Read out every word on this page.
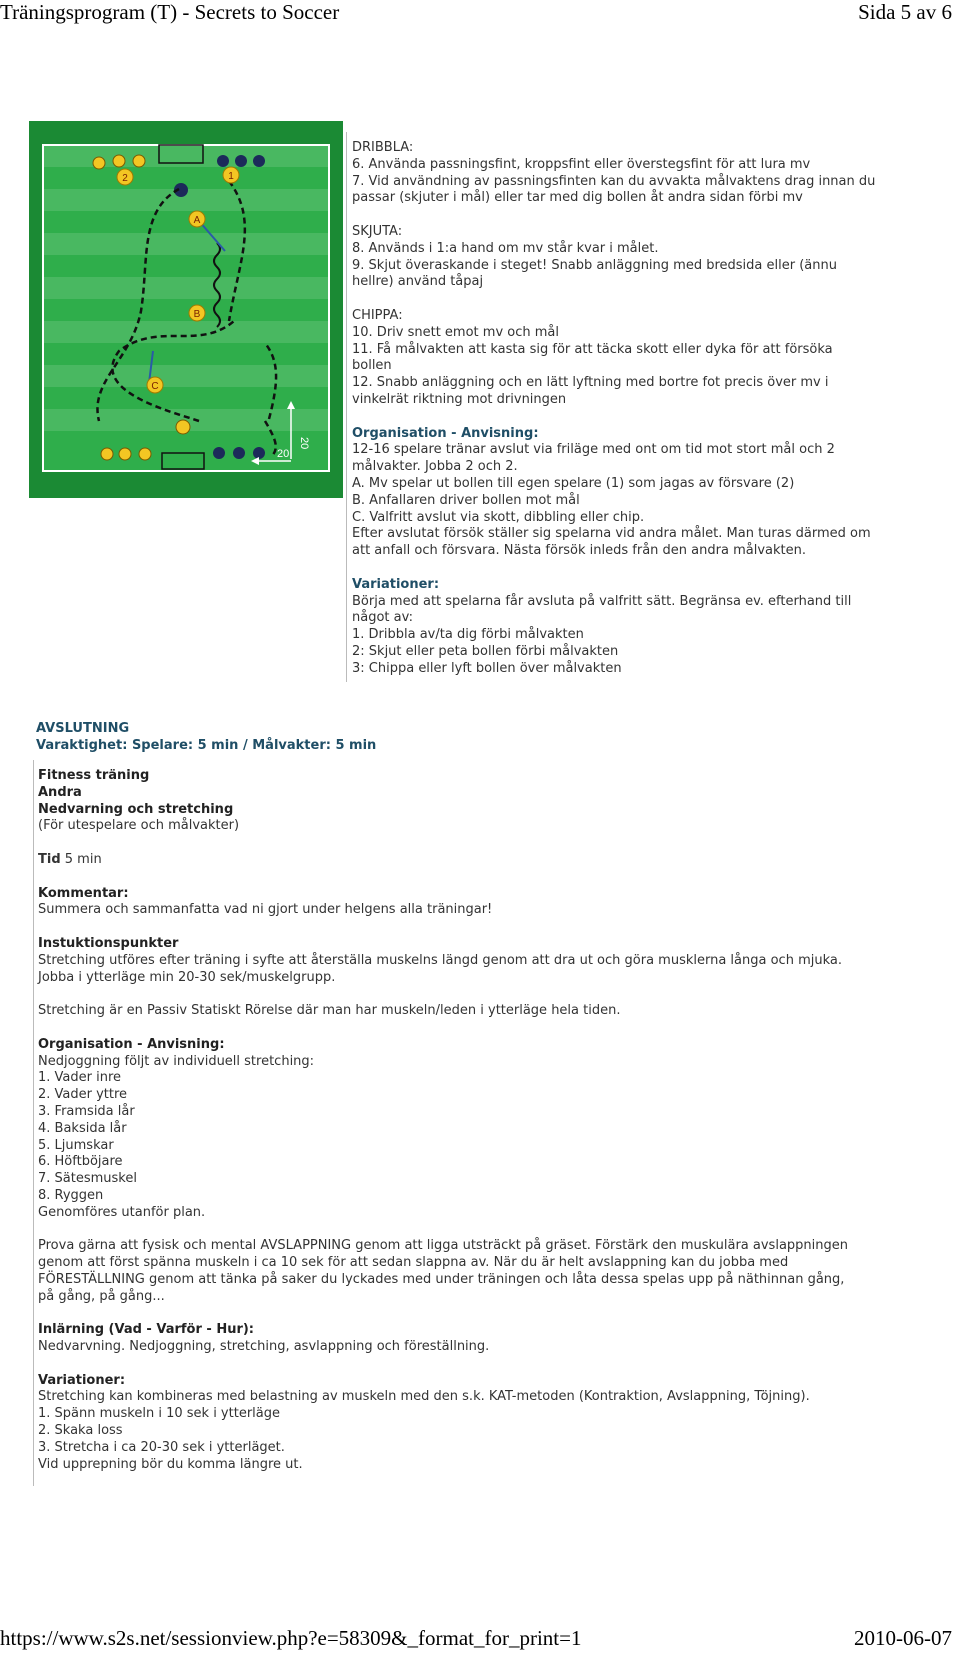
Träningsprogram (T) - Secrets to Soccer	Sida 5 av 6
1
2
A
B
C
20
20
DRIBBLA:
6. Använda passningsfint, kroppsfint eller överstegsfint för att lura mv
7. Vid användning av passningsfinten kan du avvakta målvaktens drag innan du
passar (skjuter i mål) eller tar med dig bollen åt andra sidan förbi mv
SKJUTA:
8. Används i 1:a hand om mv står kvar i målet.
9. Skjut överaskande i steget! Snabb anläggning med bredsida eller (ännu
hellre) använd tåpaj
CHIPPA:
10. Driv snett emot mv och mål
11. Få målvakten att kasta sig för att täcka skott eller dyka för att försöka
bollen
12. Snabb anläggning och en lätt lyftning med bortre fot precis över mv i
vinkelrät riktning mot drivningen
Organisation - Anvisning:
12-16 spelare tränar avslut via friläge med ont om tid mot stort mål och 2
målvakter. Jobba 2 och 2.
A. Mv spelar ut bollen till egen spelare (1) som jagas av försvare (2)
B. Anfallaren driver bollen mot mål
C. Valfritt avslut via skott, dibbling eller chip.
Efter avslutat försök ställer sig spelarna vid andra målet. Man turas därmed om
att anfall och försvara. Nästa försök inleds från den andra målvakten.
Variationer:
Börja med att spelarna får avsluta på valfritt sätt. Begränsa ev. efterhand till
något av:
1. Dribbla av/ta dig förbi målvakten
2: Skjut eller peta bollen förbi målvakten
3: Chippa eller lyft bollen över målvakten
AVSLUTNING
Varaktighet: Spelare: 5 min / Målvakter: 5 min
Fitness träning
Andra
Nedvarning och stretching
(För utespelare och målvakter)
Tid 5 min
Kommentar:
Summera och sammanfatta vad ni gjort under helgens alla träningar!
Instuktionspunkter
Stretching utföres efter träning i syfte att återställa muskelns längd genom att dra ut och göra musklerna långa och mjuka.
Jobba i ytterläge min 20-30 sek/muskelgrupp.
Stretching är en Passiv Statiskt Rörelse där man har muskeln/leden i ytterläge hela tiden.
Organisation - Anvisning:
Nedjoggning följt av individuell stretching:
1. Vader inre
2. Vader yttre
3. Framsida lår
4. Baksida lår
5. Ljumskar
6. Höftböjare
7. Sätesmuskel
8. Ryggen
Genomföres utanför plan.
Prova gärna att fysisk och mental AVSLAPPNING genom att ligga utsträckt på gräset. Förstärk den muskulära avslappningen
genom att först spänna muskeln i ca 10 sek för att sedan slappna av. När du är helt avslappning kan du jobba med
FÖRESTÄLLNING genom att tänka på saker du lyckades med under träningen och låta dessa spelas upp på näthinnan gång,
på gång, på gång...
Inlärning (Vad - Varför - Hur):
Nedvarvning. Nedjoggning, stretching, asvlappning och föreställning.
Variationer:
Stretching kan kombineras med belastning av muskeln med den s.k. KAT-metoden (Kontraktion, Avslappning, Töjning).
1. Spänn muskeln i 10 sek i ytterläge
2. Skaka loss
3. Stretcha i ca 20-30 sek i ytterläget.
Vid upprepning bör du komma längre ut.
https://www.s2s.net/sessionview.php?e=58309&_format_for_print=1	2010-06-07
